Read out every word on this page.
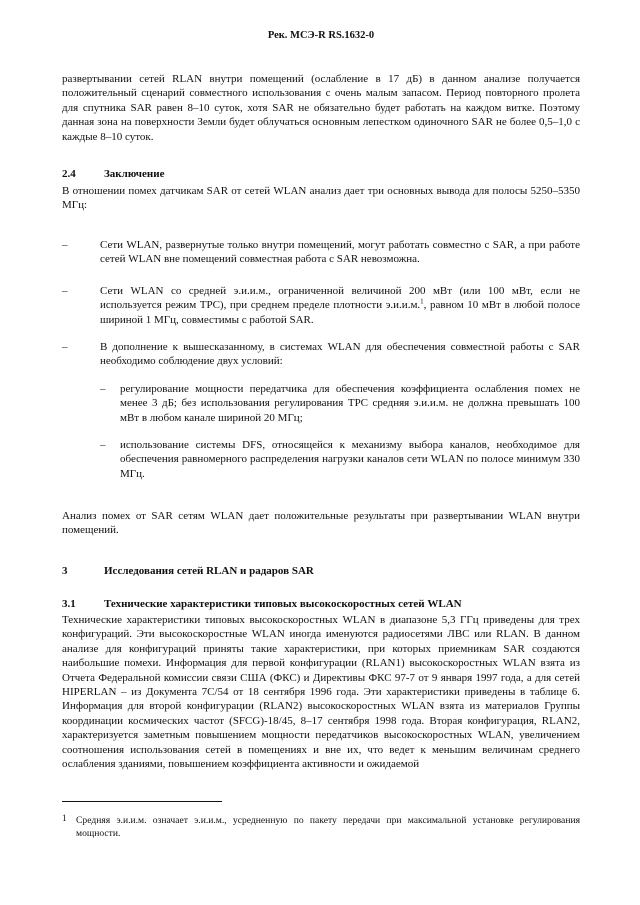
Рек. МСЭ-R RS.1632-0

развертывании сетей RLAN внутри помещений (ослабление в 17 дБ) в данном анализе получается положительный сценарий совместного использования с очень малым запасом. Период повторного пролета для спутника SAR равен 8–10 суток, хотя SAR не обязательно будет работать на каждом витке. Поэтому данная зона на поверхности Земли будет облучаться основным лепестком одиночного SAR не более 0,5–1,0 с каждые 8–10 суток.

2.4	Заключение

В отношении помех датчикам SAR от сетей WLAN анализ дает три основных вывода для полосы 5250–5350 МГц:

–	Сети WLAN, развернутые только внутри помещений, могут работать совместно с SAR, а при работе сетей WLAN вне помещений совместная работа с SAR невозможна.
–	Сети WLAN со средней э.и.и.м., ограниченной величиной 200 мВт (или 100 мВт, если не используется режим TPC), при среднем пределе плотности э.и.и.м.$^1$, равном 10 мВт в любой полосе шириной 1 МГц, совместимы с работой SAR.
–	В дополнение к вышесказанному, в системах WLAN для обеспечения совместной работы с SAR необходимо соблюдение двух условий:
– регулирование мощности передатчика для обеспечения коэффициента ослабления помех не менее 3 дБ; без использования регулирования TPC средняя э.и.и.м. не должна превышать 100 мВт в любом канале шириной 20 МГц;
– использование системы DFS, относящейся к механизму выбора каналов, необходимое для обеспечения равномерного распределения нагрузки каналов сети WLAN по полосе минимум 330 МГц.

Анализ помех от SAR сетям WLAN дает положительные результаты при развертывании WLAN внутри помещений.

3	Исследования сетей RLAN и радаров SAR
3.1	Технические характеристики типовых высокоскоростных сетей WLAN

Технические характеристики типовых высокоскоростных WLAN в диапазоне 5,3 ГГц приведены для трех конфигураций. Эти высокоскоростные WLAN иногда именуются радиосетями ЛВС или RLAN. В данном анализе для конфигураций приняты такие характеристики, при которых приемникам SAR создаются наибольшие помехи. Информация для первой конфигурации (RLAN1) высокоскоростных WLAN взята из Отчета Федеральной комиссии связи США (ФКС) и Директивы ФКС 97-7 от 9 января 1997 года, а для сетей HIPERLAN – из Документа 7C/54 от 18 сентября 1996 года. Эти характеристики приведены в таблице 6. Информация для второй конфигурации (RLAN2) высокоскоростных WLAN взята из материалов Группы координации космических частот (SFCG)-18/45, 8–17 сентября 1998 года. Вторая конфигурация, RLAN2, характеризуется заметным повышением мощности передатчиков высокоскоростных WLAN, увеличением соотношения использования сетей в помещениях и вне их, что ведет к меньшим величинам среднего ослабления зданиями, повышением коэффициента активности и ожидаемой

1 Средняя э.и.и.м. означает э.и.и.м., усредненную по пакету передачи при максимальной установке регулирования мощности.
